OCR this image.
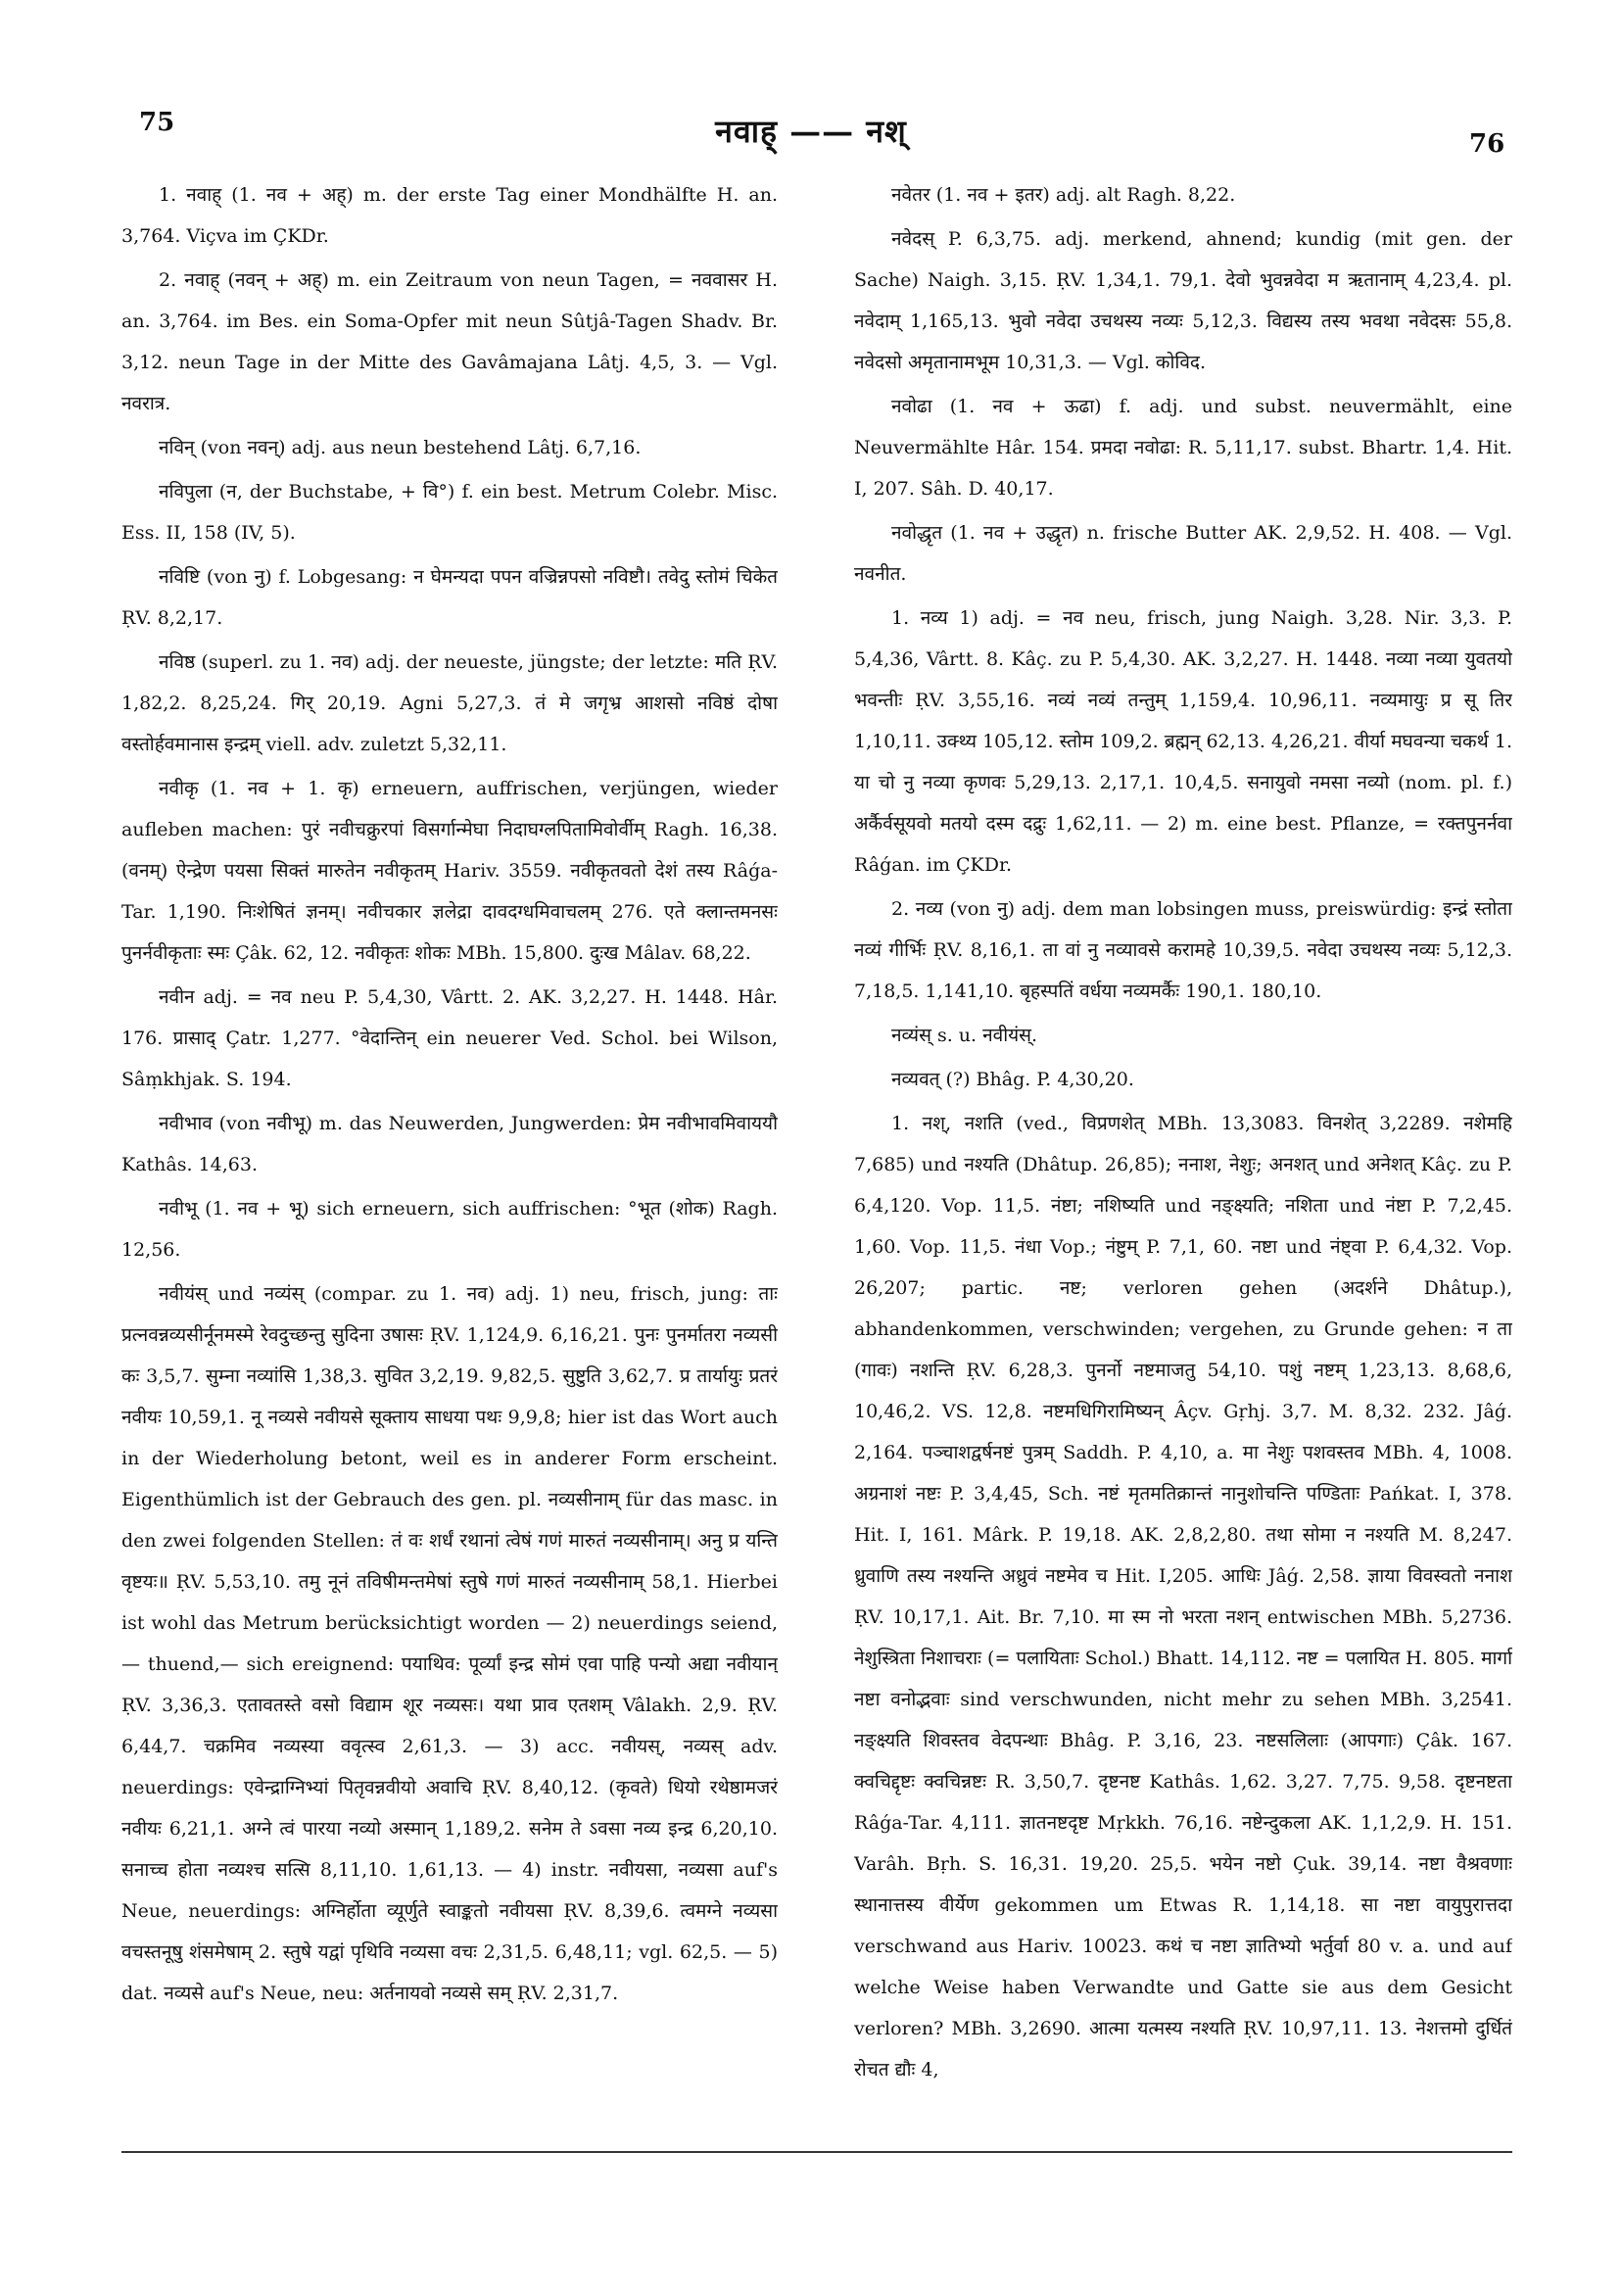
75	नवाह् —— नश्	76

1. नवाह् (1. नव + अह्) m. der erste Tag einer Mondhälfte H. an. 3,764. Viçva im ÇKDr.

2. नवाह् (नवन् + अह्) m. ein Zeitraum von neun Tagen, = नववासर H. an. 3,764. im Bes. ein Soma-Opfer mit neun Sûtjâ-Tagen Shadv. Br. 3,12. neun Tage in der Mitte des Gavâmajana Lâtj. 4,5, 3. — Vgl. नवरात्र.

नविन् (von नवन्) adj. aus neun bestehend Lâtj. 6,7,16.

नविपुला (न, der Buchstabe, + वि°) f. ein best. Metrum Colebr. Misc. Ess. II, 158 (IV, 5).

नविष्टि (von नु) f. Lobgesang: न घेमन्यदा पपन वज्रिन्नपसो नविष्टौ। तवेदु स्तोमं चिकेत ṚV. 8,2,17.

नविष्ठ (superl. zu 1. नव) adj. der neueste, jüngste; der letzte: मति ṚV. 1,82,2. 8,25,24. गिर् 20,19. Agni 5,27,3. तं मे जगृभ्र आशसो नविष्ठं दोषा वस्तोर्हवमानास इन्द्रम् viell. adv. zuletzt 5,32,11.

नवीकृ (1. नव + 1. कृ) erneuern, auffrischen, verjüngen, wieder aufleben machen: पुरं नवीचक्रुरपां विसर्गान्मेघा निदाघग्लपितामिवोर्वीम् Ragh. 16,38. (वनम्) ऐन्द्रेण पयसा सिक्तं मारुतेन नवीकृतम् Hariv. 3559. नवीकृतवतो देशं तस्य Râǵa-Tar. 1,190. निःशेषितं ज्ञनम्। नवीचकार ज्ञलेद्रा दावदग्धमिवाचलम् 276. एते क्लान्तमनसः पुनर्नवीकृताः स्मः Çâk. 62, 12. नवीकृतः शोकः MBh. 15,800. दुःख Mâlav. 68,22.

नवीन adj. = नव neu P. 5,4,30, Vârtt. 2. AK. 3,2,27. H. 1448. Hâr. 176. प्रासाद् Çatr. 1,277. °वेदान्तिन् ein neuerer Ved. Schol. bei Wilson, Sâṃkhjak. S. 194.

नवीभाव (von नवीभू) m. das Neuwerden, Jungwerden: प्रेम नवीभावमिवाययौ Kathâs. 14,63.

नवीभू (1. नव + भू) sich erneuern, sich auffrischen: °भूत (शोक) Ragh. 12,56.

नवीयंस् und नव्यंस् (compar. zu 1. नव) adj. 1) neu, frisch, jung: ताः प्रत्नवन्नव्यसीर्नूनमस्मे रेवदुच्छन्तु सुदिना उषासः ṚV. 1,124,9. 6,16,21. पुनः पुनर्मातरा नव्यसी कः 3,5,7. सुम्ना नव्यांसि 1,38,3. सुवित 3,2,19. 9,82,5. सुष्टुति 3,62,7. प्र तार्यायुः प्रतरं नवीयः 10,59,1. नू नव्यसे नवीयसे सूक्ताय साधया पथः 9,9,8; hier ist das Wort auch in der Wiederholung betont, weil es in anderer Form erscheint. Eigenthümlich ist der Gebrauch des gen. pl. नव्यसीनाम् für das masc. in den zwei folgenden Stellen: तं वः शर्धं रथानां त्वेषं गणं मारुतं नव्यसीनाम्। अनु प्र यन्ति वृष्टयः॥ ṚV. 5,53,10. तमु नूनं तविषीमन्तमेषां स्तुषे गणं मारुतं नव्यसीनाम् 58,1. Hierbei ist wohl das Metrum berücksichtigt worden — 2) neuerdings seiend,— thuend,— sich ereignend: पयाथिव: पूर्व्यां इन्द्र सोमं एवा पाहि पन्यो अद्या नवीयान् ṚV. 3,36,3. एतावतस्ते वसो विद्याम शूर नव्यसः। यथा प्राव एतशम् Vâlakh. 2,9. ṚV. 6,44,7. चक्रमिव नव्यस्या ववृत्स्व 2,61,3. — 3) acc. नवीयस्, नव्यस् adv. neuerdings: एवेन्द्राग्निभ्यां पितृवन्नवीयो अवाचि ṚV. 8,40,12. (कृवते) धियो रथेष्ठामजरं नवीयः 6,21,1. अग्ने त्वं पारया नव्यो अस्मान् 1,189,2. सनेम ते ऽवसा नव्य इन्द्र 6,20,10. सनाच्च होता नव्यश्च सत्सि 8,11,10. 1,61,13. — 4) instr. नवीयसा, नव्यसा auf's Neue, neuerdings: अग्निर्होता व्यूर्णुते स्वाङ्कतो नवीयसा ṚV. 8,39,6. त्वमग्ने नव्यसा वचस्तनूषु शंसमेषाम् 2. स्तुषे यद्वां पृथिवि नव्यसा वचः 2,31,5. 6,48,11; vgl. 62,5. — 5) dat. नव्यसे auf's Neue, neu: अर्तनायवो नव्यसे सम् ṚV. 2,31,7.

नवेतर (1. नव + इतर) adj. alt Ragh. 8,22.

नवेदस् P. 6,3,75. adj. merkend, ahnend; kundig (mit gen. der Sache) Naigh. 3,15. ṚV. 1,34,1. 79,1. देवो भुवन्नवेदा म ऋतानाम् 4,23,4. pl. नवेदाम् 1,165,13. भुवो नवेदा उचथस्य नव्यः 5,12,3. विद्यस्य तस्य भवथा नवेदसः 55,8. नवेदसो अमृतानामभूम 10,31,3. — Vgl. कोविद.

नवोढा (1. नव + ऊढा) f. adj. und subst. neuvermählt, eine Neuvermählte Hâr. 154. प्रमदा नवोढा: R. 5,11,17. subst. Bhartr. 1,4. Hit. I, 207. Sâh. D. 40,17.

नवोद्धृत (1. नव + उद्धृत) n. frische Butter AK. 2,9,52. H. 408. — Vgl. नवनीत.

1. नव्य 1) adj. = नव neu, frisch, jung Naigh. 3,28. Nir. 3,3. P. 5,4,36, Vârtt. 8. Kâç. zu P. 5,4,30. AK. 3,2,27. H. 1448. नव्या नव्या युवतयो भवन्तीः ṚV. 3,55,16. नव्यं नव्यं तन्तुम् 1,159,4. 10,96,11. नव्यमायुः प्र सू तिर 1,10,11. उक्थ्य 105,12. स्तोम 109,2. ब्रह्मन् 62,13. 4,26,21. वीर्या मघवन्या चकर्थ 1. या चो नु नव्या कृणवः 5,29,13. 2,17,1. 10,4,5. सनायुवो नमसा नव्यो (nom. pl. f.) अर्कैर्वसूयवो मतयो दस्म दद्रुः 1,62,11. — 2) m. eine best. Pflanze, = रक्तपुनर्नवा Râǵan. im ÇKDr.

2. नव्य (von नु) adj. dem man lobsingen muss, preiswürdig: इन्द्रं स्तोता नव्यं गीर्भिः ṚV. 8,16,1. ता वां नु नव्यावसे करामहे 10,39,5. नवेदा उचथस्य नव्यः 5,12,3. 7,18,5. 1,141,10. बृहस्पतिं वर्धया नव्यमर्कैः 190,1. 180,10.

नव्यंस् s. u. नवीयंस्.

नव्यवत् (?) Bhâg. P. 4,30,20.

1. नश्, नशति (ved., विप्रणशेत् MBh. 13,3083. विनशेत् 3,2289. नशेमहि 7,685) und नश्यति (Dhâtup. 26,85); ननाश, नेशुः; अनशत् und अनेशत् Kâç. zu P. 6,4,120. Vop. 11,5. नंष्टा; नशिष्यति und नङ्क्ष्यति; नशिता und नंष्टा P. 7,2,45. 1,60. Vop. 11,5. नंधा Vop.; नंष्टुम् P. 7,1, 60. नष्टा und नंष्ट्वा P. 6,4,32. Vop. 26,207; partic. नष्ट; verloren gehen (अदर्शने Dhâtup.), abhandenkommen, verschwinden; vergehen, zu Grunde gehen: न ता (गावः) नशन्ति ṚV. 6,28,3. पुनर्नो नष्टमाजतु 54,10. पशुं नष्टम् 1,23,13. 8,68,6, 10,46,2. VS. 12,8. नष्टमधिगिरामिष्यन् Âçv. Gṛhj. 3,7. M. 8,32. 232. Jâǵ. 2,164. पञ्चाशद्वर्षनष्टं पुत्रम् Saddh. P. 4,10, a. मा नेशुः पशवस्तव MBh. 4, 1008. अग्रनाशं नष्टः P. 3,4,45, Sch. नष्टं मृतमतिक्रान्तं नानुशोचन्ति पण्डिताः Pańkat. I, 378. Hit. I, 161. Mârk. P. 19,18. AK. 2,8,2,80. तथा सोमा न नश्यति M. 8,247. ध्रुवाणि तस्य नश्यन्ति अध्रुवं नष्टमेव च Hit. I,205. आधिः Jâǵ. 2,58. ज्ञाया विवस्वतो ननाश ṚV. 10,17,1. Ait. Br. 7,10. मा स्म नो भरता नशन् entwischen MBh. 5,2736. नेशुस्त्रिता निशाचराः (= पलायिताः Schol.) Bhatt. 14,112. नष्ट = पलायित H. 805. मार्गा नष्टा वनोद्भवाः sind verschwunden, nicht mehr zu sehen MBh. 3,2541. नङ्क्ष्यति शिवस्तव वेदपन्थाः Bhâg. P. 3,16, 23. नष्टसलिलाः (आपगाः) Çâk. 167. क्वचिद्दृष्टः क्वचिन्नष्टः R. 3,50,7. दृष्टनष्ट Kathâs. 1,62. 3,27. 7,75. 9,58. दृष्टनष्टता Râǵa-Tar. 4,111. ज्ञातनष्टदृष्ट Mṛkkh. 76,16. नष्टेन्दुकला AK. 1,1,2,9. H. 151. Varâh. Bṛh. S. 16,31. 19,20. 25,5. भयेन नष्टो Çuk. 39,14. नष्टा वैश्रवणाः स्थानात्तस्य वीर्येण gekommen um Etwas R. 1,14,18. सा नष्टा वायुपुरात्तदा verschwand aus Hariv. 10023. कथं च नष्टा ज्ञातिभ्यो भर्तुर्वा 80 v. a. und auf welche Weise haben Verwandte und Gatte sie aus dem Gesicht verloren? MBh. 3,2690. आत्मा यत्मस्य नश्यति ṚV. 10,97,11. 13. नेशत्तमो दुर्धितं रोचत द्यौः 4,
